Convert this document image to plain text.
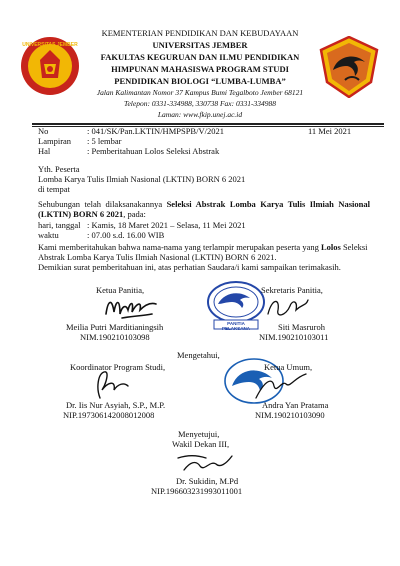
UNIVERSITAS JEMBER
KEMENTERIAN PENDIDIKAN DAN KEBUDAYAAN
UNIVERSITAS JEMBER
FAKULTAS KEGURUAN DAN ILMU PENDIDIKAN
HIMPUNAN MAHASISWA PROGRAM STUDI
PENDIDIKAN BIOLOGI “LUMBA-LUMBA”
Jalan Kalimantan Nomor 37 Kampus Bumi Tegalboto Jember 68121
Telepon: 0331-334988, 330738 Fax: 0331-334988
Laman: www.fkip.unej.ac.id
No	: 041/SK/Pan.LKTIN/HMPSPB/V/2021	11 Mei 2021
Lampiran : 5 lembar
Hal	: Pemberitahuan Lolos Seleksi Abstrak
Yth. Peserta
Lomba Karya Tulis Ilmiah Nasional (LKTIN) BORN 6 2021
di tempat
Sehubungan telah dilaksanakannya Seleksi Abstrak Lomba Karya Tulis Ilmiah Nasional (LKTIN) BORN 6 2021, pada:
hari, tanggal : Kamis, 18 Maret 2021 – Selasa, 11 Mei 2021
waktu	: 07.00 s.d. 16.00 WIB
Kami memberitahukan bahwa nama-nama yang terlampir merupakan peserta yang Lolos Seleksi Abstrak Lomba Karya Tulis Ilmiah Nasional (LKTIN) BORN 6 2021.
Demikian surat pemberitahuan ini, atas perhatian Saudara/i kami sampaikan terimakasih.
Ketua Panitia,
Meilia Putri Marditianingsih
NIM.190210103098
PANITIA PELAKSANA
Sekretaris Panitia,
Siti Masruroh
NIM.190210103011
Mengetahui,
Koordinator Program Studi,
Dr. Iis Nur Asyiah, S.P., M.P.
NIP.197306142008012008
Ketua Umum,
Andra Yan Pratama
NIM.190210103090
Menyetujui,
Wakil Dekan III,
Dr. Sukidin, M.Pd
NIP.196603231993011001
